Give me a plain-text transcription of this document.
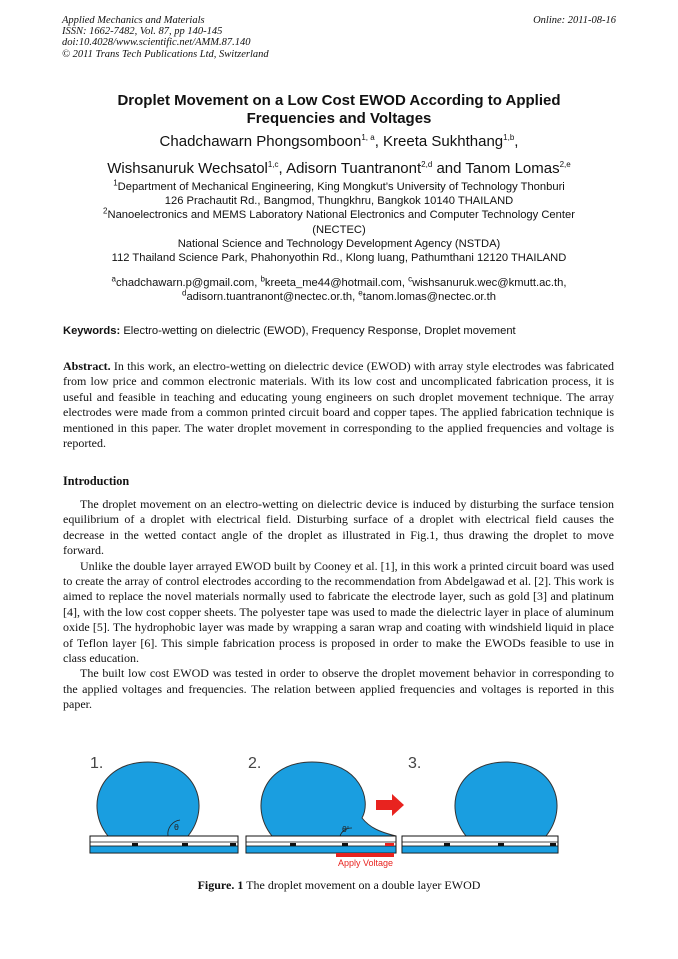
Applied Mechanics and Materials
ISSN: 1662-7482, Vol. 87, pp 140-145
doi:10.4028/www.scientific.net/AMM.87.140
© 2011 Trans Tech Publications Ltd, Switzerland
Online: 2011-08-16
Droplet Movement on a Low Cost EWOD According to Applied
Frequencies and Voltages
Chadchawarn Phongsomboon$^{1, a}$, Kreeta Sukhthang$^{1,b}$,
Wishsanuruk Wechsatol$^{1,c}$, Adisorn Tuantranont$^{2,d}$ and Tanom Lomas$^{2,e}$
$^1$Department of Mechanical Engineering, King Mongkut’s University of Technology Thonburi
126 Prachautit Rd., Bangmod, Thungkhru, Bangkok 10140 THAILAND
$^2$Nanoelectronics and MEMS Laboratory National Electronics and Computer Technology Center
(NECTEC)
National Science and Technology Development Agency (NSTDA)
112 Thailand Science Park, Phahonyothin Rd., Klong luang, Pathumthani 12120 THAILAND
$^a$chadchawarn.p@gmail.com, $^b$kreeta_me44@hotmail.com, $^c$wishsanuruk.wec@kmutt.ac.th,
$^d$adisorn.tuantranont@nectec.or.th, $^e$tanom.lomas@nectec.or.th
Keywords: Electro-wetting on dielectric (EWOD), Frequency Response, Droplet movement
Abstract. In this work, an electro-wetting on dielectric device (EWOD) with array style electrodes was fabricated from low price and common electronic materials. With its low cost and uncomplicated fabrication process, it is useful and feasible in teaching and educating young engineers on such droplet movement technique. The array electrodes were made from a common printed circuit board and copper tapes. The applied fabrication technique is mentioned in this paper. The water droplet movement in corresponding to the applied frequencies and voltage is reported.
Introduction

The droplet movement on an electro-wetting on dielectric device is induced by disturbing the surface tension equilibrium of a droplet with electrical field. Disturbing surface of a droplet with electrical field causes the decrease in the wetted contact angle of the droplet as illustrated in Fig.1, thus drawing the droplet to move forward.

Unlike the double layer arrayed EWOD built by Cooney et al. [1], in this work a printed circuit board was used to create the array of control electrodes according to the recommendation from Abdelgawad et al. [2]. This work is aimed to replace the novel materials normally used to fabricate the electrode layer, such as gold [3] and platinum [4], with the low cost copper sheets. The polyester tape was used to made the dielectric layer in place of aluminum oxide [5]. The hydrophobic layer was made by wrapping a saran wrap and coating with windshield liquid in place of Teflon layer [6]. This simple fabrication process is proposed in order to make the EWODs feasible to use in class education.

The built low cost EWOD was tested in order to observe the droplet movement behavior in corresponding to the applied voltages and frequencies. The relation between applied frequencies and voltages is reported in this paper.

1.	2.	3.
θ	θ'
Apply Voltage
Figure. 1 The droplet movement on a double layer EWOD
